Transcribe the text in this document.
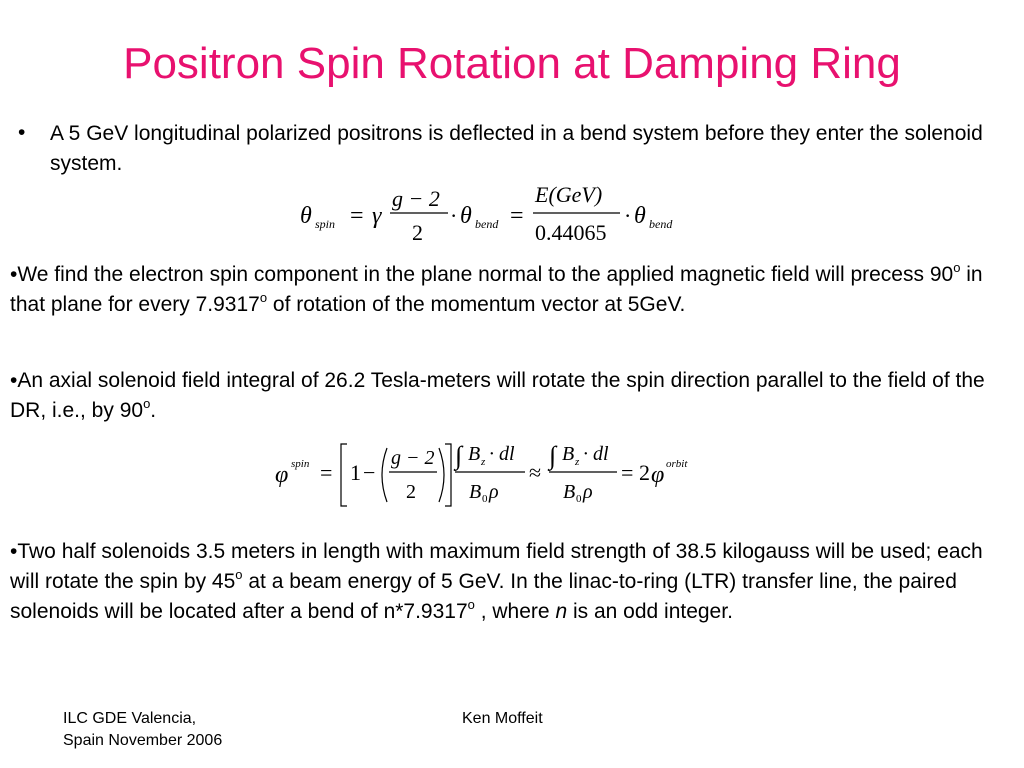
Positron Spin Rotation at Damping Ring
• A 5 GeV longitudinal polarized positrons is deflected in a bend system before they enter the solenoid system.
θ spin = γ
g − 2
2
· θ bend =
E(GeV)
0.44065
· θ bend
•We find the electron spin component in the plane normal to the applied magnetic field will precess 90$^o$ in that plane for every 7.9317$^o$ of rotation of the momentum vector at 5GeV.
•An axial solenoid field integral of 26.2 Tesla-meters will rotate the spin direction parallel to the field of the DR, i.e., by 90$^o$.
φ spin = 1 −
g − 2
2
∫ B z · dl
B 0 ρ
≈
∫ B z · dl
B 0 ρ
= 2 φ orbit
•Two half solenoids 3.5 meters in length with maximum field strength of 38.5 kilogauss will be used; each will rotate the spin by 45$^o$ at a beam energy of 5 GeV. In the linac-to-ring (LTR) transfer line, the paired solenoids will be located after a bend of n*7.9317$^o$ , where n is an odd integer.
ILC GDE Valencia,
Spain November 2006
Ken Moffeit
